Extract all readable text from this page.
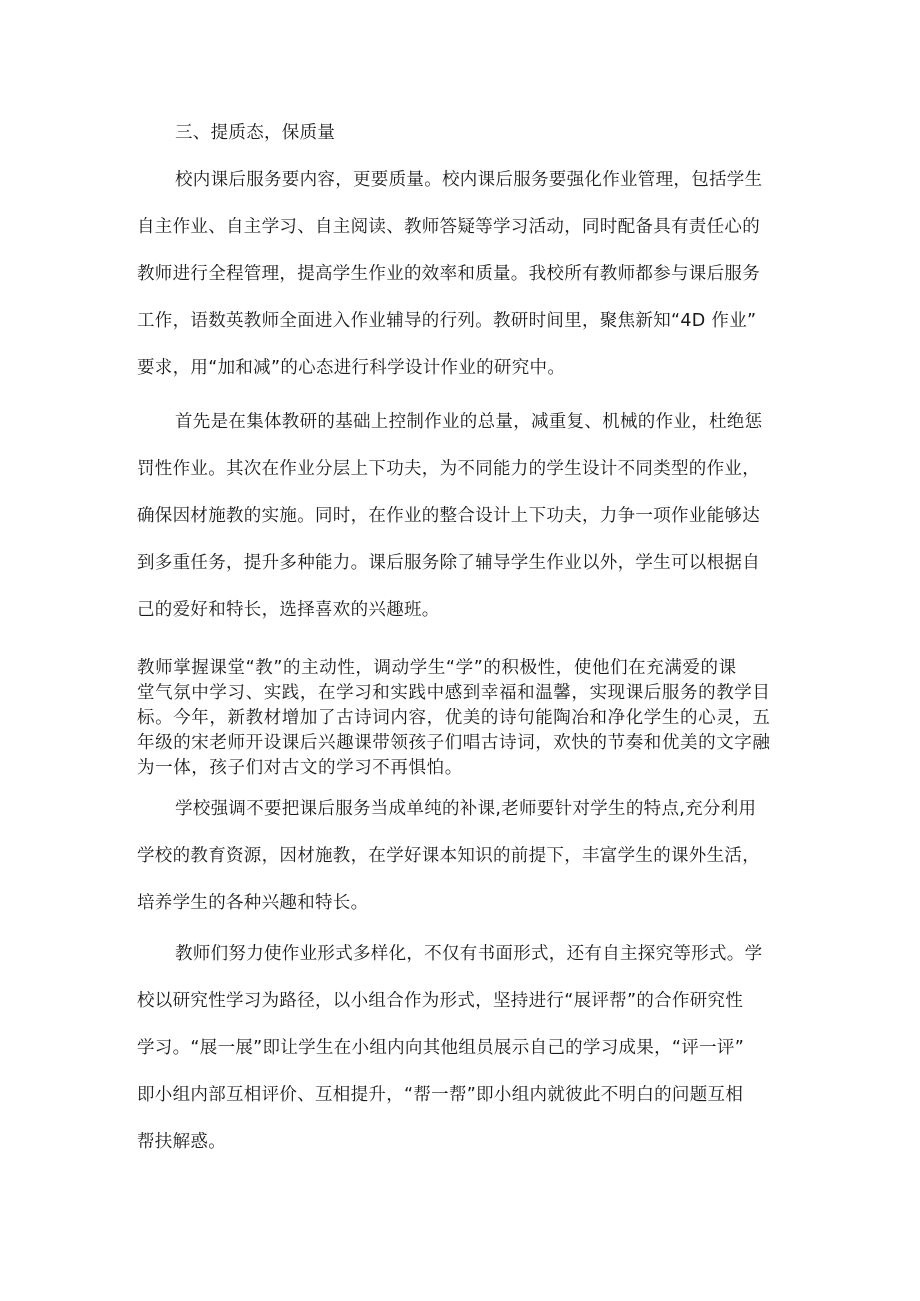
三、提质态，保质量

校内课后服务要内容，更要质量。校内课后服务要强化作业管理，包括学生
自主作业、自主学习、自主阅读、教师答疑等学习活动，同时配备具有责任心的
教师进行全程管理，提高学生作业的效率和质量。我校所有教师都参与课后服务
工作，语数英教师全面进入作业辅导的行列。教研时间里，聚焦新知“4D 作业”
要求，用“加和减”的心态进行科学设计作业的研究中。

首先是在集体教研的基础上控制作业的总量，减重复、机械的作业，杜绝惩
罚性作业。其次在作业分层上下功夫，为不同能力的学生设计不同类型的作业，
确保因材施教的实施。同时，在作业的整合设计上下功夫，力争一项作业能够达
到多重任务，提升多种能力。课后服务除了辅导学生作业以外，学生可以根据自
己的爱好和特长，选择喜欢的兴趣班。

教师掌握课堂“教”的主动性，调动学生“学”的积极性，使他们在充满爱的课
堂气氛中学习、实践，在学习和实践中感到幸福和温馨，实现课后服务的教学目
标。今年，新教材增加了古诗词内容，优美的诗句能陶冶和净化学生的心灵，五
年级的宋老师开设课后兴趣课带领孩子们唱古诗词，欢快的节奏和优美的文字融
为一体，孩子们对古文的学习不再惧怕。

学校强调不要把课后服务当成单纯的补课,老师要针对学生的特点,充分利用
学校的教育资源，因材施教，在学好课本知识的前提下，丰富学生的课外生活，
培养学生的各种兴趣和特长。

教师们努力使作业形式多样化，不仅有书面形式，还有自主探究等形式。学
校以研究性学习为路径，以小组合作为形式，坚持进行“展评帮”的合作研究性
学习。“展一展”即让学生在小组内向其他组员展示自己的学习成果，“评一评”
即小组内部互相评价、互相提升，“帮一帮”即小组内就彼此不明白的问题互相
帮扶解惑。
